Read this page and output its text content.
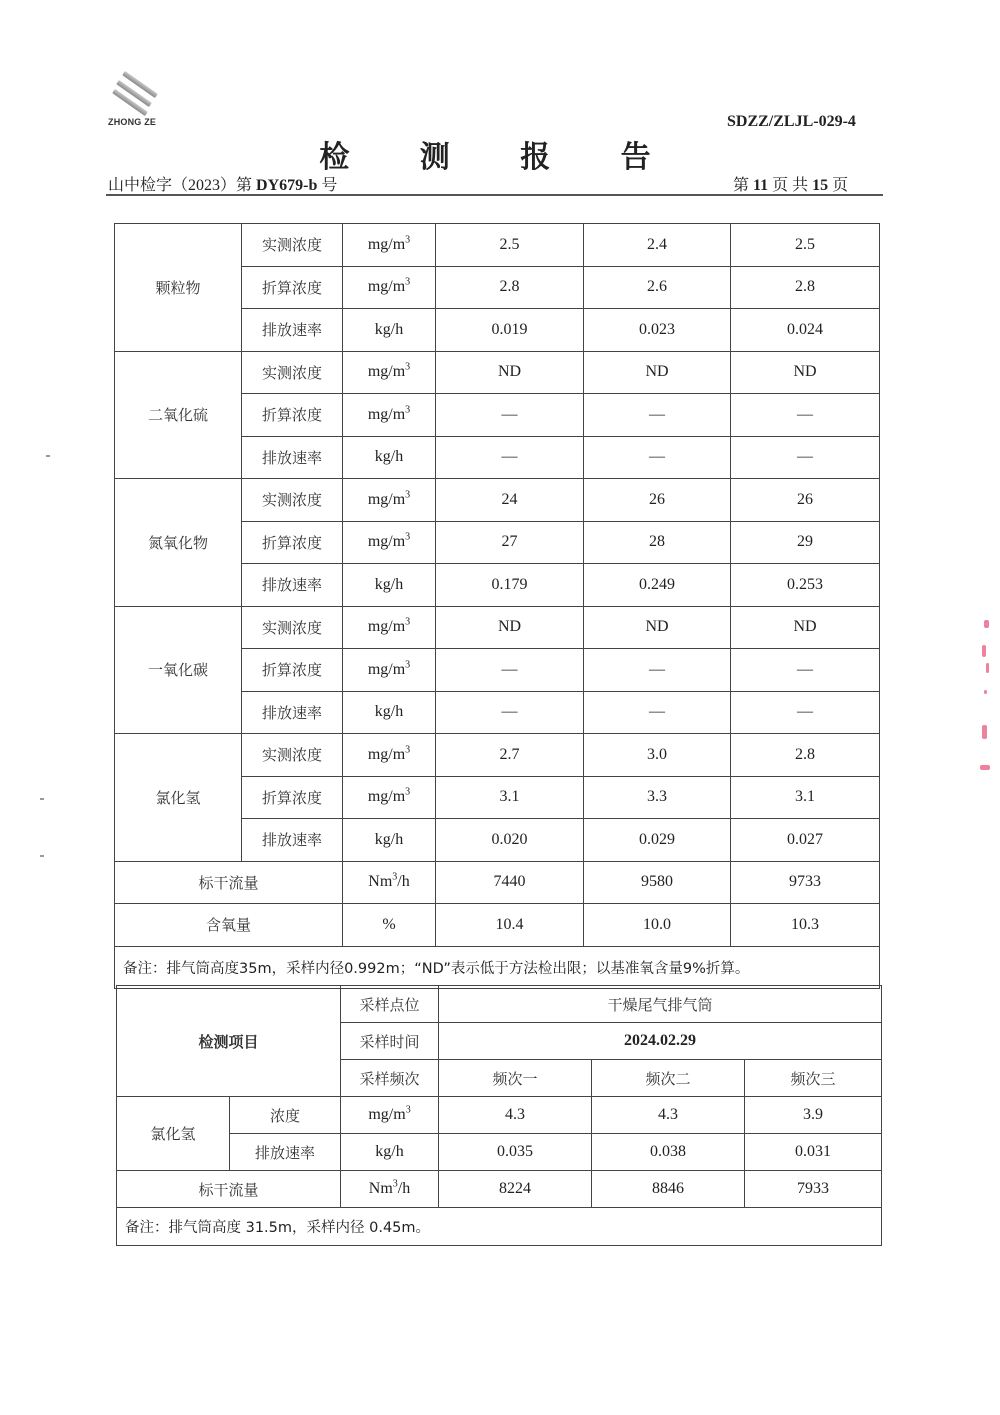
ZHONG ZE	SDZZ/ZLJL-029-4
检 测 报 告
山中检字（2023）第 DY679-b 号	第 11 页 共 15 页
颗粒物	实测浓度	$mg/m^3$	2.5	2.4	2.5
	折算浓度	$mg/m^3$	2.8	2.6	2.8
	排放速率	kg/h	0.019	0.023	0.024
二氧化硫	实测浓度	$mg/m^3$	ND	ND	ND
	折算浓度	$mg/m^3$	—	—	—
	排放速率	kg/h	—	—	—
氮氧化物	实测浓度	$mg/m^3$	24	26	26
	折算浓度	$mg/m^3$	27	28	29
	排放速率	kg/h	0.179	0.249	0.253
一氧化碳	实测浓度	$mg/m^3$	ND	ND	ND
	折算浓度	$mg/m^3$	—	—	—
	排放速率	kg/h	—	—	—
氯化氢	实测浓度	$mg/m^3$	2.7	3.0	2.8
	折算浓度	$mg/m^3$	3.1	3.3	3.1
	排放速率	kg/h	0.020	0.029	0.027
标干流量		Nm$^3$/h	7440	9580	9733
含氧量		%	10.4	10.0	10.3
备注：排气筒高度35m，采样内径0.992m；“ND”表示低于方法检出限；以基准氧含量9%折算。					
检测项目		采样点位	干燥尾气排气筒		
		采样时间	2024.02.29		
		采样频次	频次一	频次二	频次三
氯化氢	浓度	$mg/m^3$	4.3	4.3	3.9
	排放速率	kg/h	0.035	0.038	0.031
标干流量		Nm$^3$/h	8224	8846	7933
备注：排气筒高度 31.5m，采样内径 0.45m。					
